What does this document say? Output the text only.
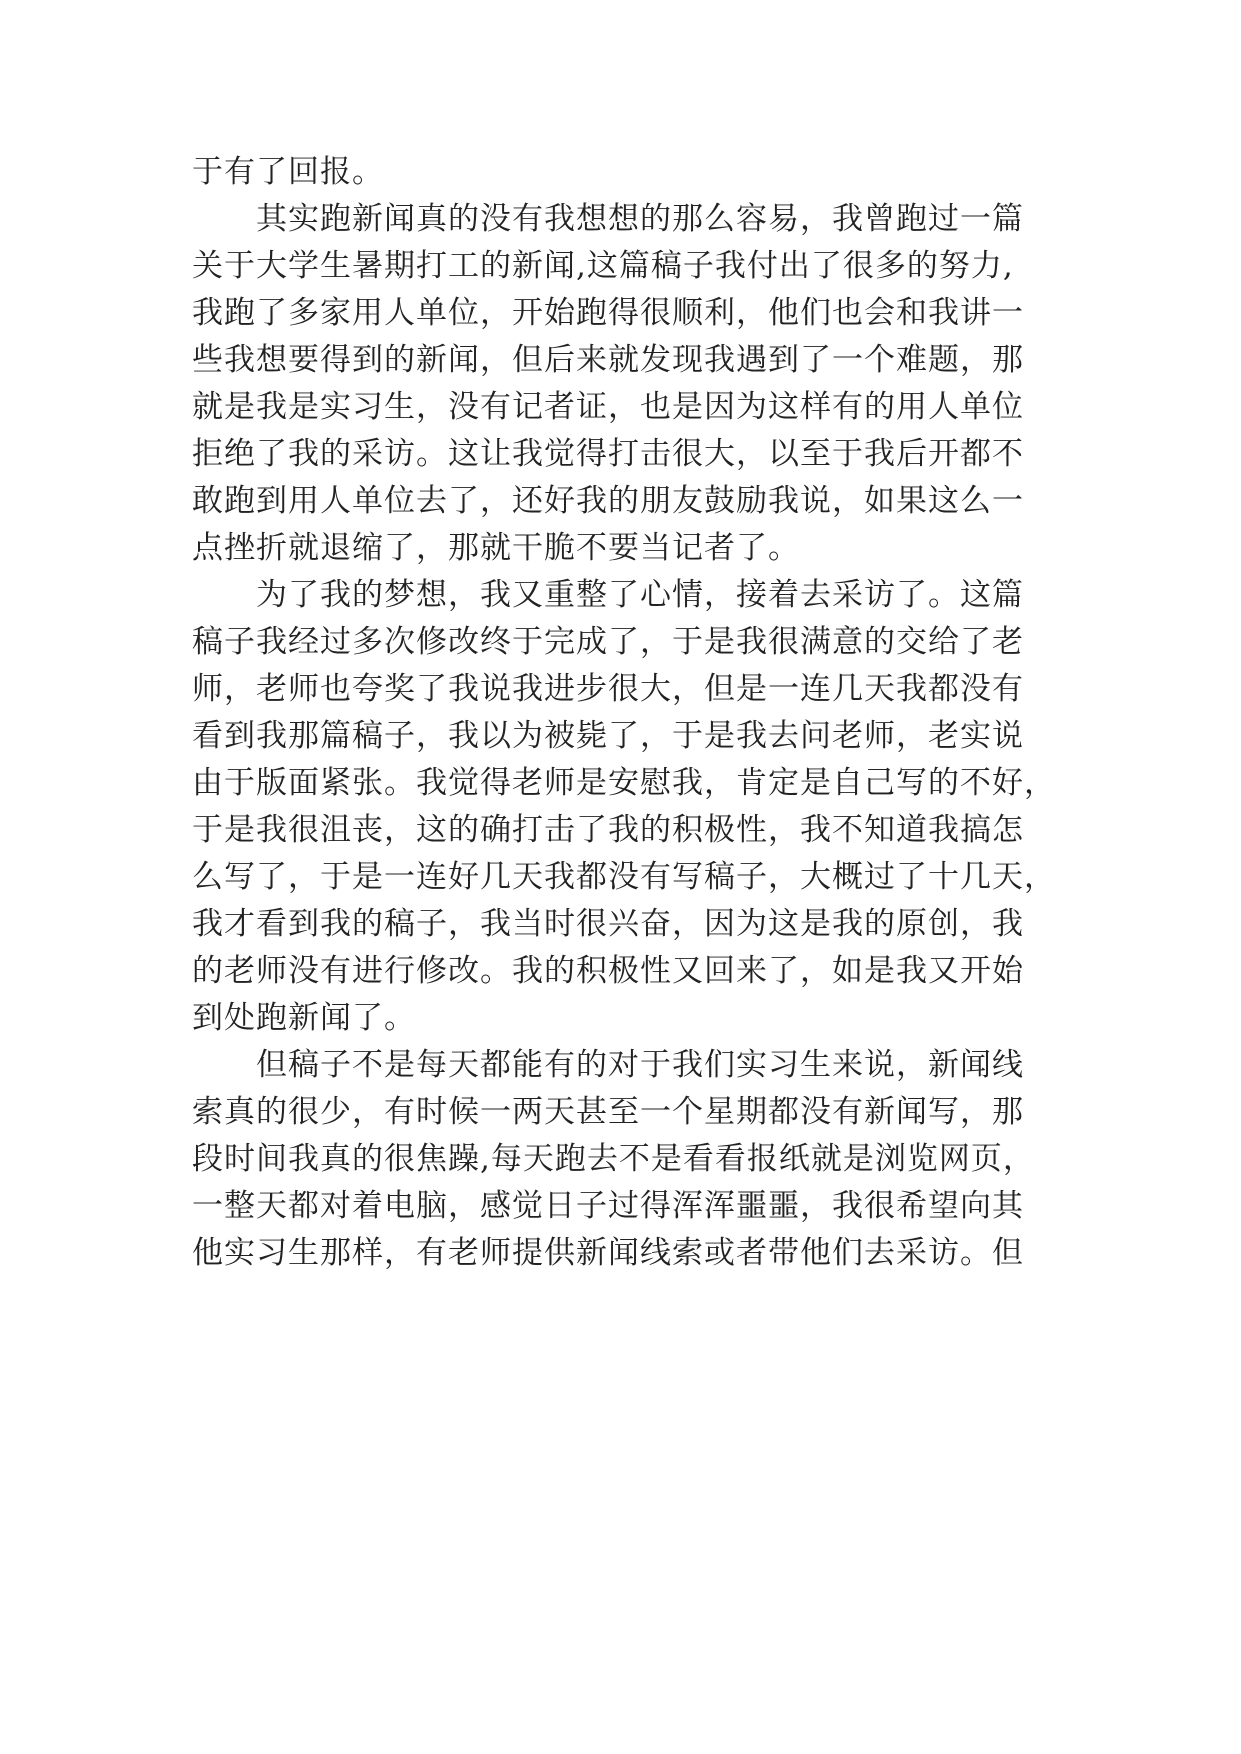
于有了回报。
其实跑新闻真的没有我想想的那么容易，我曾跑过一篇
关于大学生暑期打工的新闻,这篇稿子我付出了很多的努力,
我跑了多家用人单位，开始跑得很顺利，他们也会和我讲一
些我想要得到的新闻，但后来就发现我遇到了一个难题，那
就是我是实习生，没有记者证，也是因为这样有的用人单位
拒绝了我的采访。这让我觉得打击很大，以至于我后开都不
敢跑到用人单位去了，还好我的朋友鼓励我说，如果这么一
点挫折就退缩了，那就干脆不要当记者了。
为了我的梦想，我又重整了心情，接着去采访了。这篇
稿子我经过多次修改终于完成了，于是我很满意的交给了老
师，老师也夸奖了我说我进步很大，但是一连几天我都没有
看到我那篇稿子，我以为被毙了，于是我去问老师，老实说
由于版面紧张。我觉得老师是安慰我，肯定是自己写的不好，
于是我很沮丧，这的确打击了我的积极性，我不知道我搞怎
么写了，于是一连好几天我都没有写稿子，大概过了十几天，
我才看到我的稿子，我当时很兴奋，因为这是我的原创，我
的老师没有进行修改。我的积极性又回来了，如是我又开始
到处跑新闻了。
但稿子不是每天都能有的对于我们实习生来说，新闻线
索真的很少，有时候一两天甚至一个星期都没有新闻写，那
段时间我真的很焦躁,每天跑去不是看看报纸就是浏览网页，
一整天都对着电脑，感觉日子过得浑浑噩噩，我很希望向其
他实习生那样，有老师提供新闻线索或者带他们去采访。但
